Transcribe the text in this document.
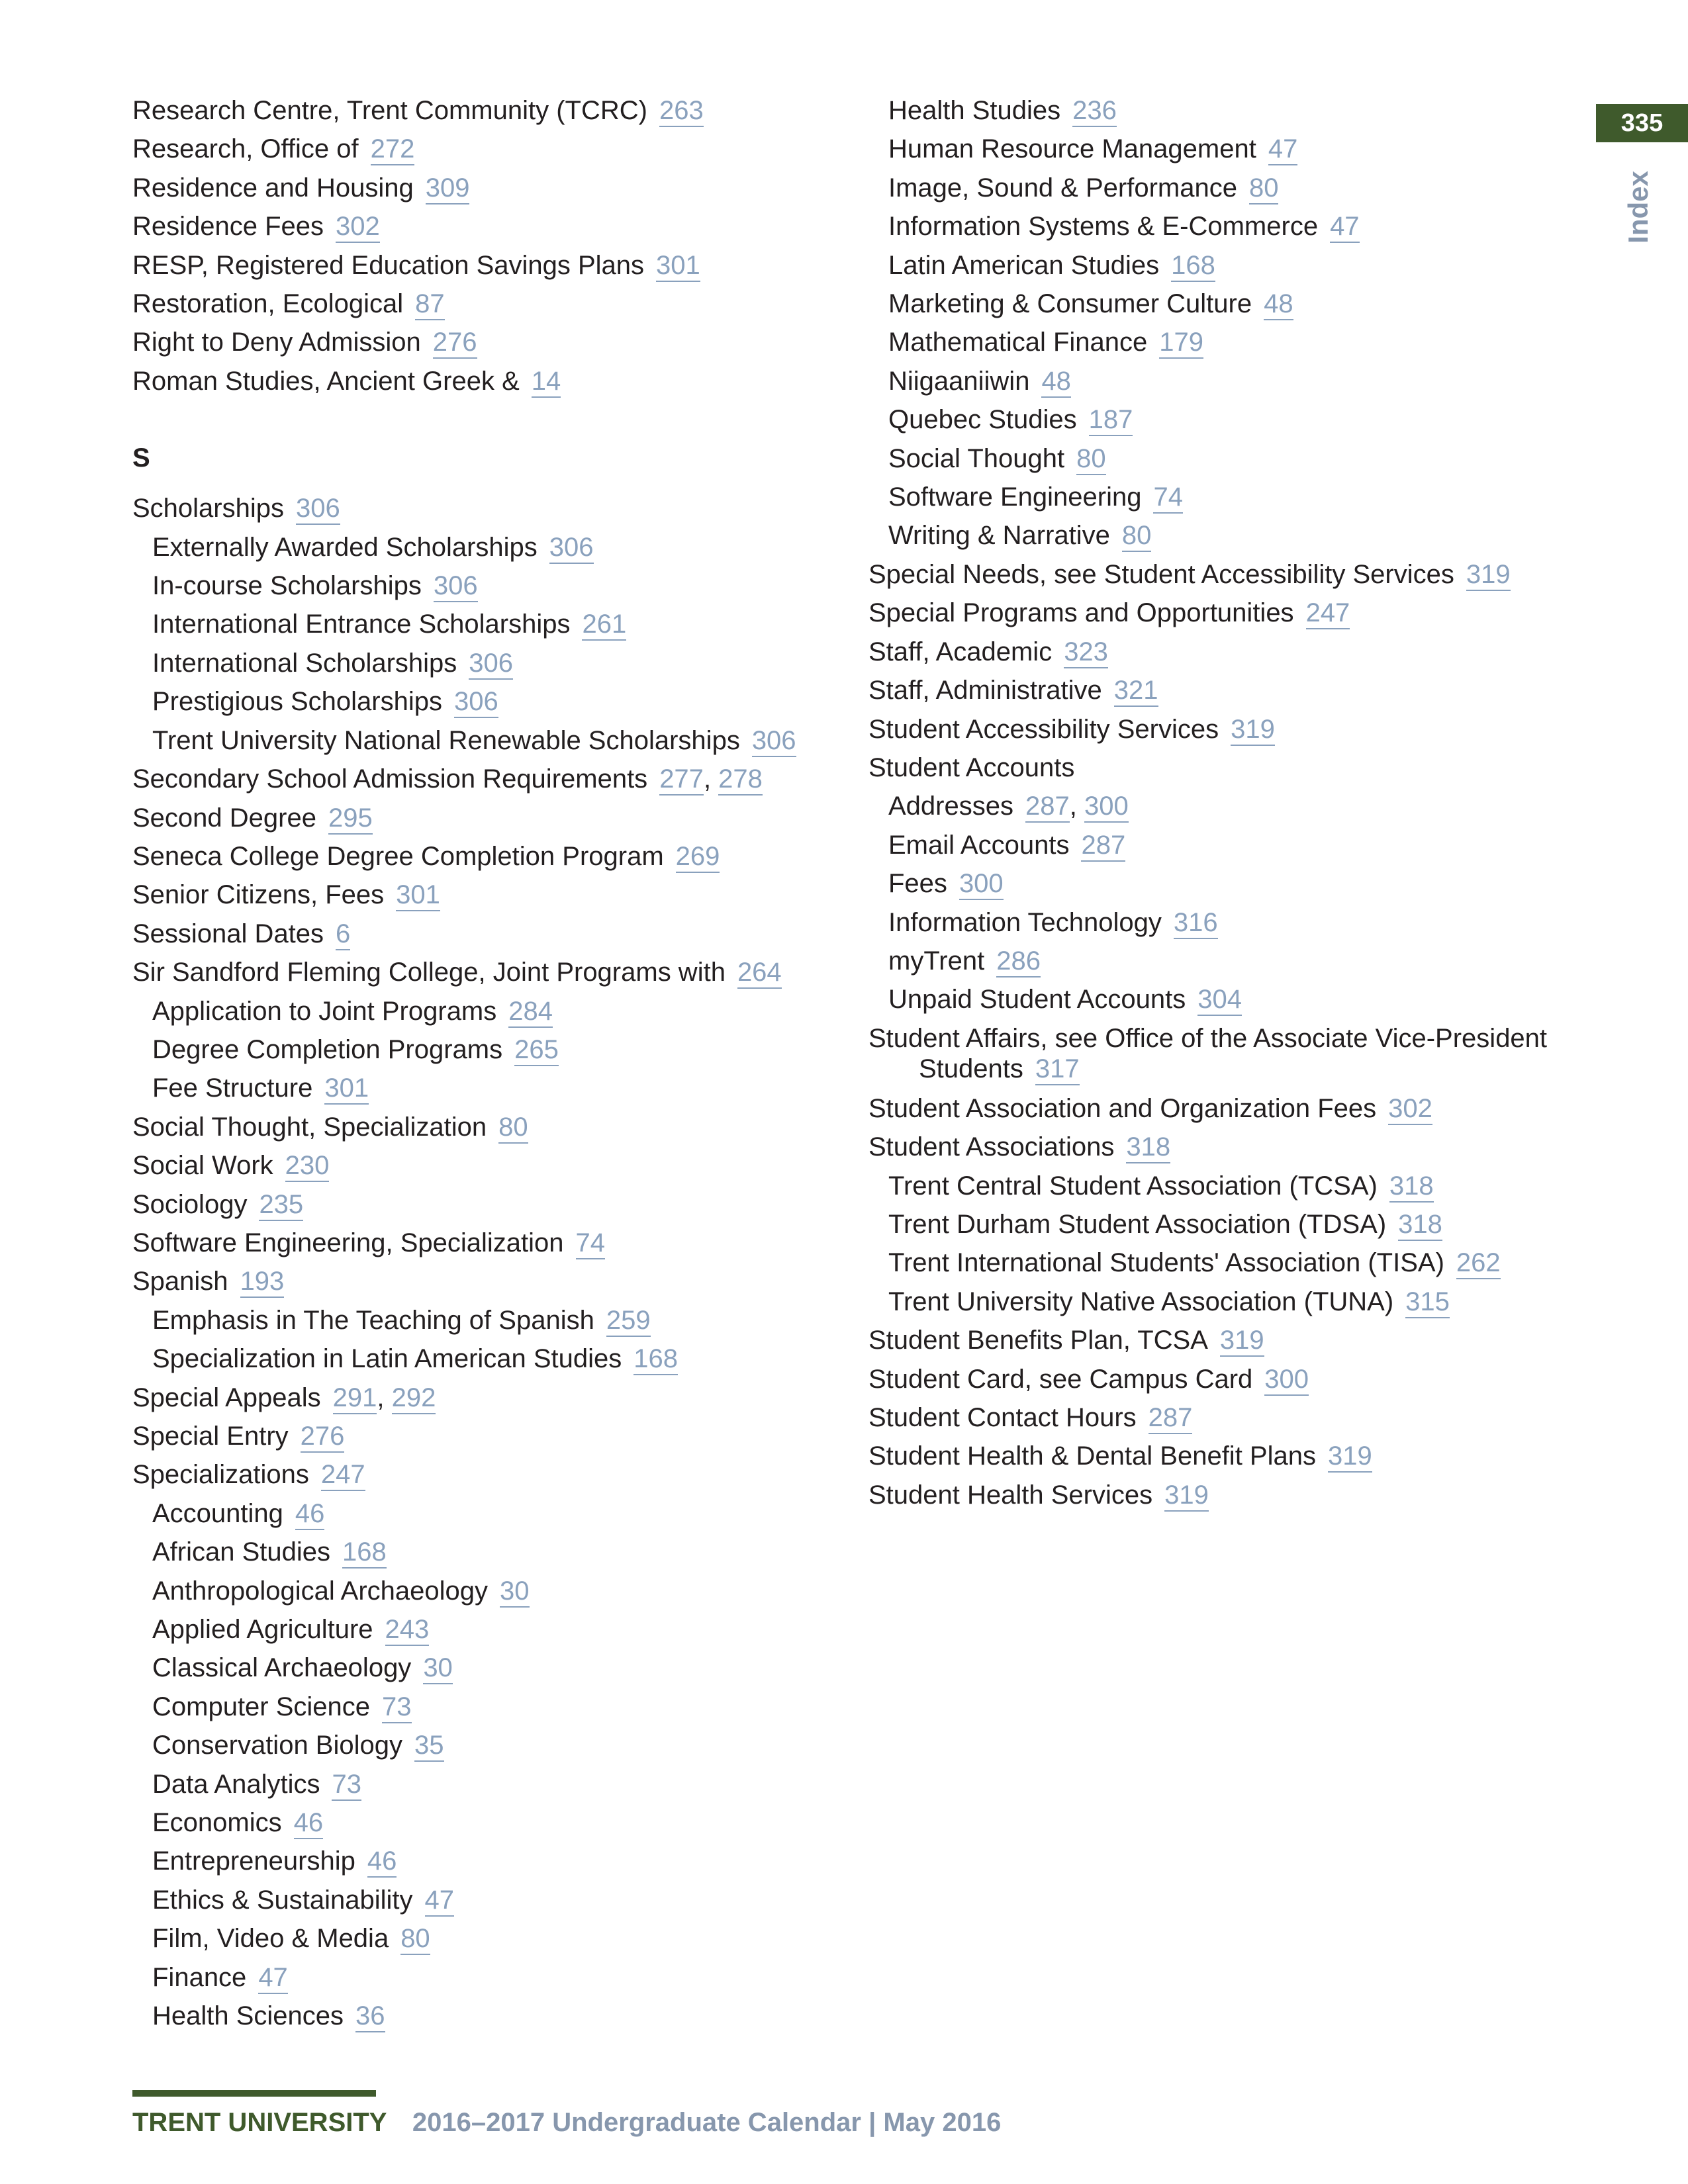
335
Index
Research Centre, Trent Community (TCRC) 263
Research, Office of 272
Residence and Housing 309
Residence Fees 302
RESP, Registered Education Savings Plans 301
Restoration, Ecological 87
Right to Deny Admission 276
Roman Studies, Ancient Greek & 14
S
Scholarships 306
Externally Awarded Scholarships 306
In-course Scholarships 306
International Entrance Scholarships 261
International Scholarships 306
Prestigious Scholarships 306
Trent University National Renewable Scholarships 306
Secondary School Admission Requirements 277, 278
Second Degree 295
Seneca College Degree Completion Program 269
Senior Citizens, Fees 301
Sessional Dates 6
Sir Sandford Fleming College, Joint Programs with 264
Application to Joint Programs 284
Degree Completion Programs 265
Fee Structure 301
Social Thought, Specialization 80
Social Work 230
Sociology 235
Software Engineering, Specialization 74
Spanish 193
Emphasis in The Teaching of Spanish 259
Specialization in Latin American Studies 168
Special Appeals 291, 292
Special Entry 276
Specializations 247
Accounting 46
African Studies 168
Anthropological Archaeology 30
Applied Agriculture 243
Classical Archaeology 30
Computer Science 73
Conservation Biology 35
Data Analytics 73
Economics 46
Entrepreneurship 46
Ethics & Sustainability 47
Film, Video & Media 80
Finance 47
Health Sciences 36
Health Studies 236
Human Resource Management 47
Image, Sound & Performance 80
Information Systems & E-Commerce 47
Latin American Studies 168
Marketing & Consumer Culture 48
Mathematical Finance 179
Niigaaniiwin 48
Quebec Studies 187
Social Thought 80
Software Engineering 74
Writing & Narrative 80
Special Needs, see Student Accessibility Services 319
Special Programs and Opportunities 247
Staff, Academic 323
Staff, Administrative 321
Student Accessibility Services 319
Student Accounts
Addresses 287, 300
Email Accounts 287
Fees 300
Information Technology 316
myTrent 286
Unpaid Student Accounts 304
Student Affairs, see Office of the Associate Vice-President Students 317
Student Association and Organization Fees 302
Student Associations 318
Trent Central Student Association (TCSA) 318
Trent Durham Student Association (TDSA) 318
Trent International Students' Association (TISA) 262
Trent University Native Association (TUNA) 315
Student Benefits Plan, TCSA 319
Student Card, see Campus Card 300
Student Contact Hours 287
Student Health & Dental Benefit Plans 319
Student Health Services 319
TRENT UNIVERSITY 2016–2017 Undergraduate Calendar | May 2016
